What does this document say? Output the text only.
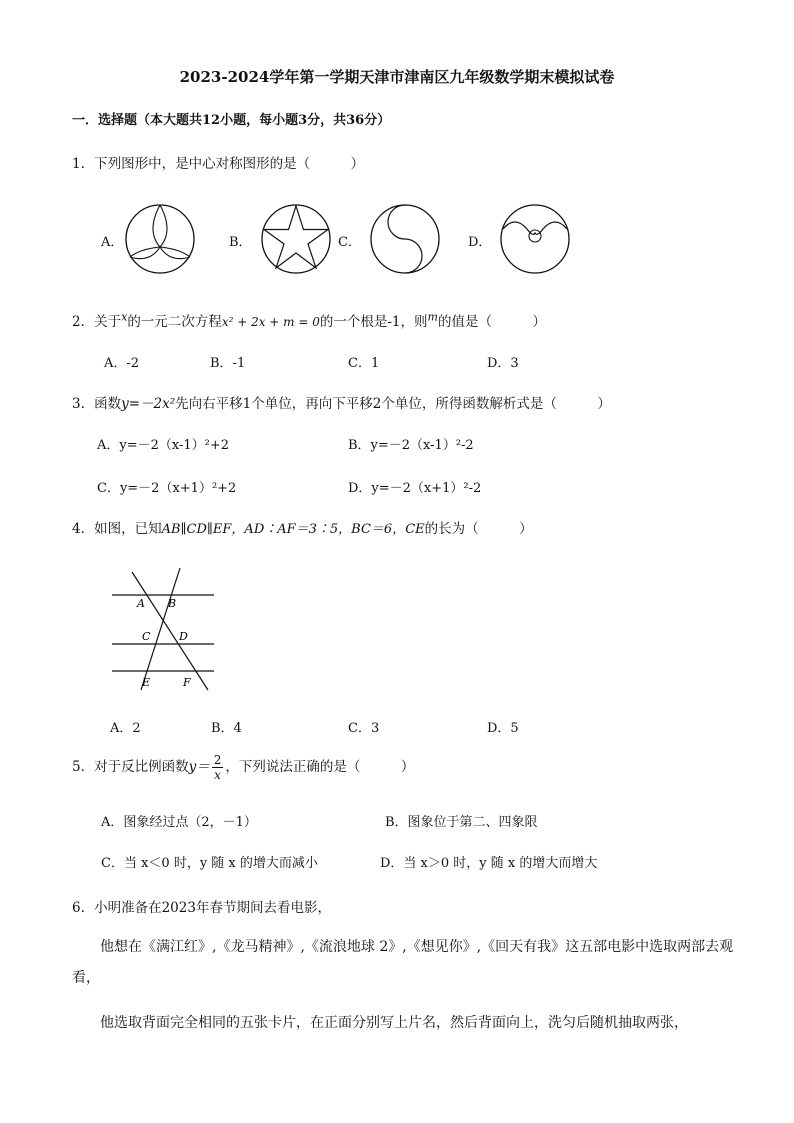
2023-2024学年第一学期天津市津南区九年级数学期末模拟试卷
一．选择题（本大题共12小题，每小题3分，共36分）
1．下列图形中，是中心对称图形的是（　　　）
A．	B．	C．	D．
2．关于$^x$的一元二次方程x² + 2x + m = 0的一个根是-1，则$^m$的值是（　　　）
A．-2	B．-1	C．1	D．3
3．函数y=－2x²先向右平移1个单位，再向下平移2个单位，所得函数解析式是（　　　）
A．y=－2（x-1）²+2	B．y=－2（x-1）²-2
C．y=－2（x+1）²+2	D．y=－2（x+1）²-2
4．如图，已知AB∥CD∥EF，AD∶AF＝3∶5，BC＝6，CE的长为（　　　）
A B
C	D
E	F
A．2	B．4	C．3	D．5
5．对于反比例函数$y= \frac{2}{x}$ ，下列说法正确的是（　　　）
A．图象经过点（2，－1）	B．图象位于第二、四象限
C．当 x＜0 时，y 随 x 的增大而减小	D．当 x＞0 时，y 随 x 的增大而增大
6．小明准备在2023年春节期间去看电影，
他想在《满江红》,《龙马精神》,《流浪地球 2》,《想见你》,《回天有我》这五部电影中选取两部去观
看，
他选取背面完全相同的五张卡片，在正面分别写上片名，然后背面向上，洗匀后随机抽取两张，
